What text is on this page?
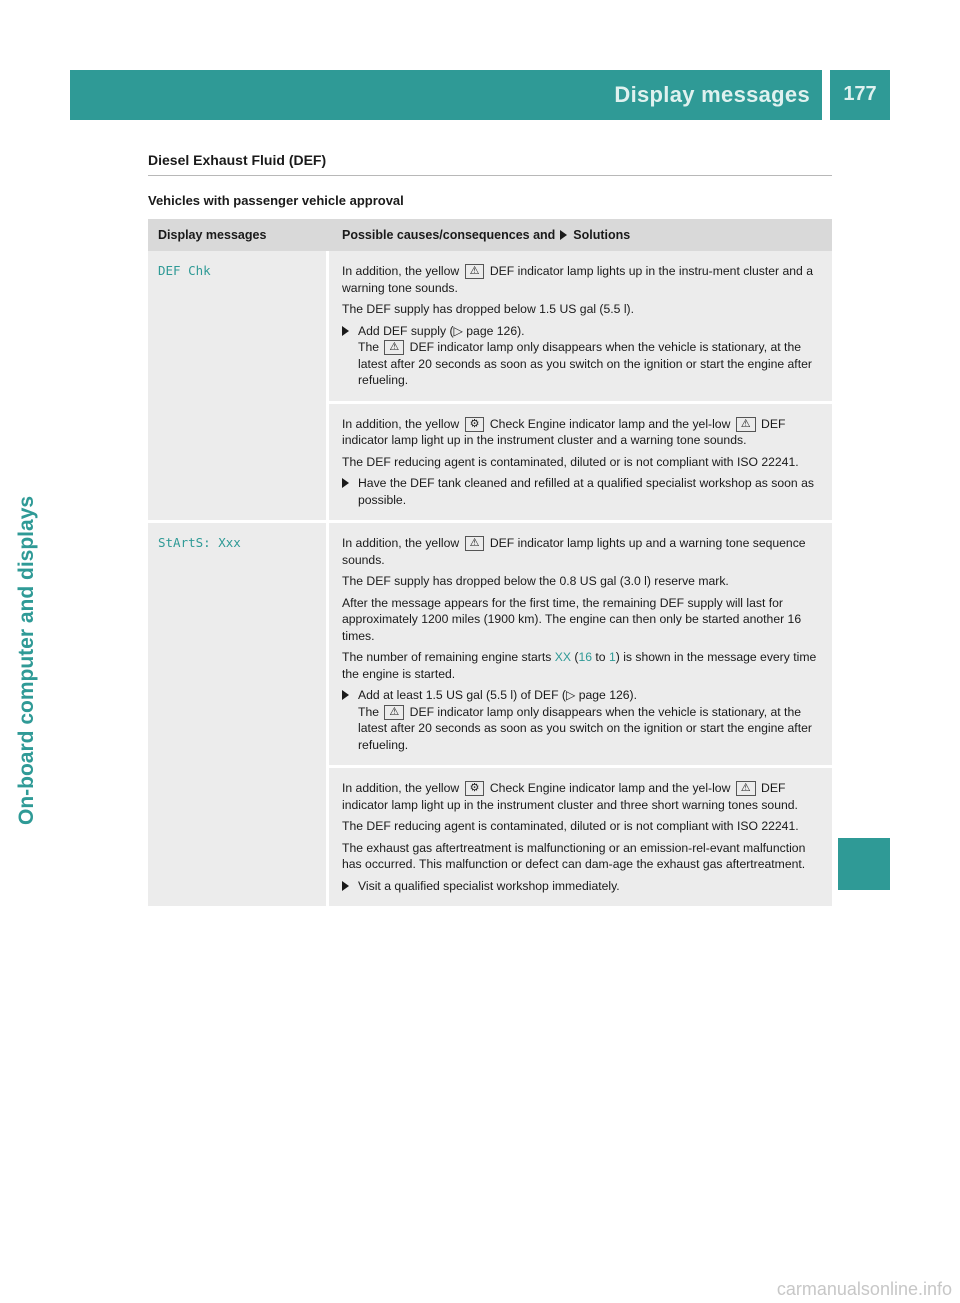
Display messages	177
On-board computer and displays
Diesel Exhaust Fluid (DEF)
Vehicles with passenger vehicle approval
Display messages	Possible causes/consequences and Solutions
DEF Chk	In addition, the yellow ⚠ DEF indicator lamp lights up in the instru-ment cluster and a warning tone sounds.

The DEF supply has dropped below 1.5 US gal (5.5 l).

Add DEF supply (▷ page 126).
The ⚠ DEF indicator lamp only disappears when the vehicle is stationary, at the latest after 20 seconds as soon as you switch on the ignition or start the engine after refueling.

In addition, the yellow ⚙ Check Engine indicator lamp and the yel-low ⚠ DEF indicator lamp light up in the instrument cluster and a warning tone sounds.

The DEF reducing agent is contaminated, diluted or is not compliant with ISO 22241.

Have the DEF tank cleaned and refilled at a qualified specialist workshop as soon as possible.
StArtS: Xxx	In addition, the yellow ⚠ DEF indicator lamp lights up and a warning tone sequence sounds.

The DEF supply has dropped below the 0.8 US gal (3.0 l) reserve mark.

After the message appears for the first time, the remaining DEF supply will last for approximately 1200 miles (1900 km). The engine can then only be started another 16 times.

The number of remaining engine starts XX (16 to 1) is shown in the message every time the engine is started.

Add at least 1.5 US gal (5.5 l) of DEF (▷ page 126).
The ⚠ DEF indicator lamp only disappears when the vehicle is stationary, at the latest after 20 seconds as soon as you switch on the ignition or start the engine after refueling.

In addition, the yellow ⚙ Check Engine indicator lamp and the yel-low ⚠ DEF indicator lamp light up in the instrument cluster and three short warning tones sound.

The DEF reducing agent is contaminated, diluted or is not compliant with ISO 22241.

The exhaust gas aftertreatment is malfunctioning or an emission-rel-evant malfunction has occurred. This malfunction or defect can dam-age the exhaust gas aftertreatment.

Visit a qualified specialist workshop immediately.
carmanualsonline.info
